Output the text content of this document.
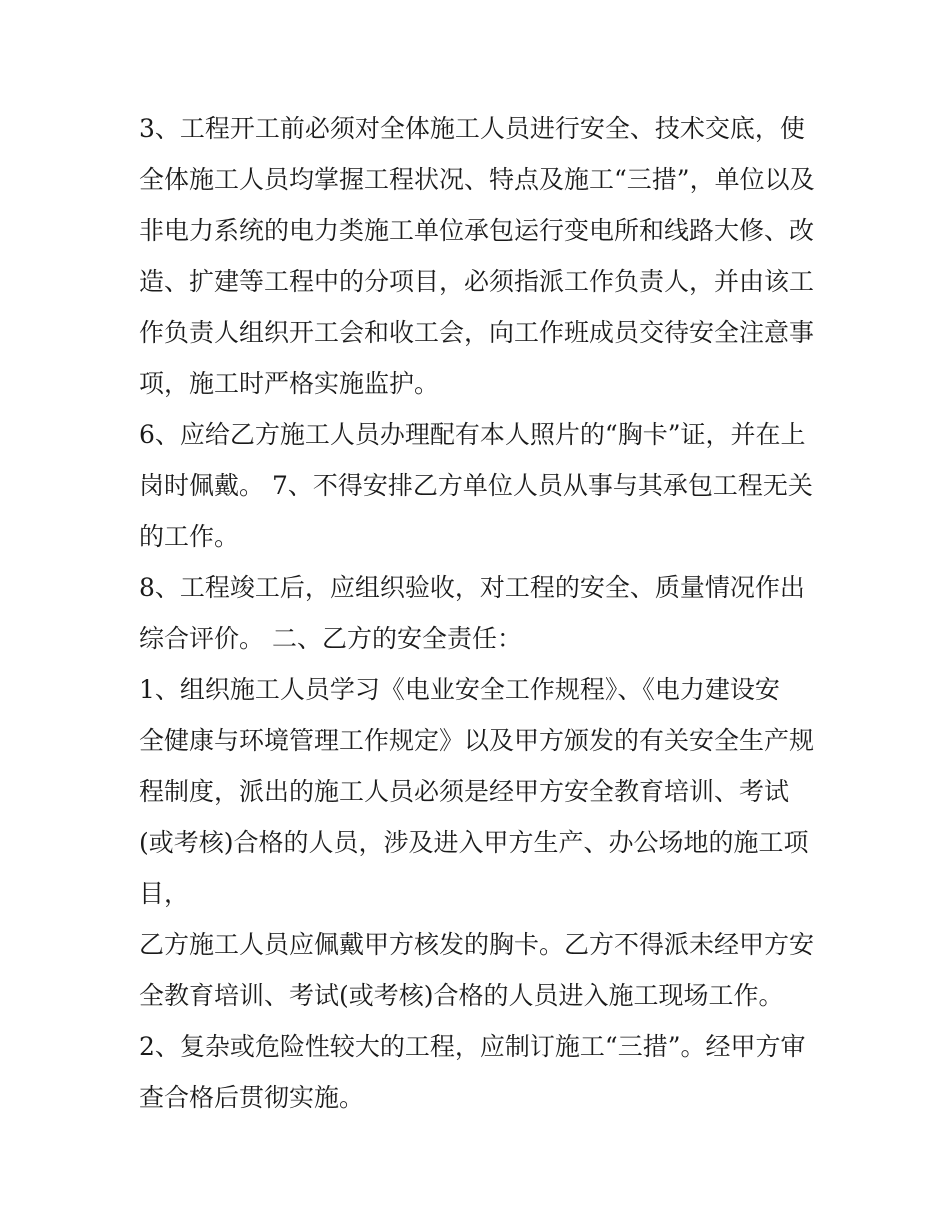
3、工程开工前必须对全体施工人员进行安全、技术交底，使
全体施工人员均掌握工程状况、特点及施工“三措”，单位以及
非电力系统的电力类施工单位承包运行变电所和线路大修、改
造、扩建等工程中的分项目，必须指派工作负责人，并由该工
作负责人组织开工会和收工会，向工作班成员交待安全注意事
项，施工时严格实施监护。
6、应给乙方施工人员办理配有本人照片的“胸卡”证，并在上
岗时佩戴。 7、不得安排乙方单位人员从事与其承包工程无关
的工作。
8、工程竣工后，应组织验收，对工程的安全、质量情况作出
综合评价。 二、乙方的安全责任：
1、组织施工人员学习《电业安全工作规程》、《电力建设安
全健康与环境管理工作规定》以及甲方颁发的有关安全生产规
程制度，派出的施工人员必须是经甲方安全教育培训、考试
(或考核)合格的人员，涉及进入甲方生产、办公场地的施工项
目，
乙方施工人员应佩戴甲方核发的胸卡。乙方不得派未经甲方安
全教育培训、考试(或考核)合格的人员进入施工现场工作。
2、复杂或危险性较大的工程，应制订施工“三措”。经甲方审
查合格后贯彻实施。
